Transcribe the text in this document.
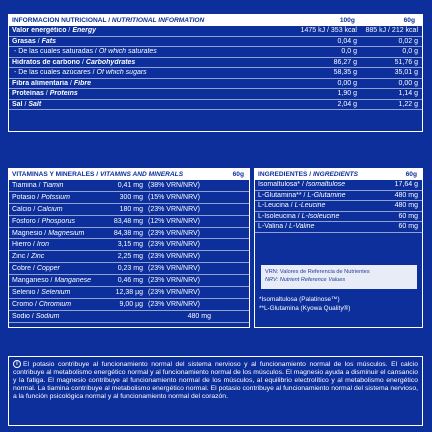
INFORMACIÓN NUTRICIONAL / NUTRITIONAL INFORMATION	100g	60g
Valor energético / Energy	1475 kJ / 353 kcal	885 kJ / 212 kcal
Grasas / Fats	0,04 g	0,02 g
- De las cuales saturadas / Of which saturates	0,0 g	0,0 g
Hidratos de carbono / Carbohydrates	86,27 g	51,76 g
- De las cuales azúcares / Of which sugars	58,35 g	35,01 g
Fibra alimentaria / Fibre	0,00 g	0,00 g
Proteínas / Proteins	1,90 g	1,14 g
Sal / Salt	2,04 g	1,22 g
VITAMINAS Y MINERALES / VITAMINS AND MINERALS	60g
Tiamina / Tiamin	0,41 mg (38% VRN/NRV)
Potasio / Potssium	300 mg (15% VRN/NRV)
Calcio / Calcium	180 mg (23% VRN/NRV)
Fósforo / Phosporus	83,48 mg (12% VRN/NRV)
Magnesio / Magnesium	84,38 mg (23% VRN/NRV)
Hierro / Iron	3,15 mg (23% VRN/NRV)
Zinc / Zinc	2,25 mg (23% VRN/NRV)
Cobre / Copper	0,23 mg (23% VRN/NRV)
Manganeso / Manganese	0,46 mg (23% VRN/NRV)
Selenio / Selenium	12,38 µg (23% VRN/NRV)
Cromo / Chromium	9,00 µg (23% VRN/NRV)
Sodio / Sodium	480 mg
INGREDIENTES / INGREDIENTS	60g
Isomaltulosa* / Isomaltulose	17,64 g
L-Glutamina** / L-Glutamine	480 mg
L-Leucina / L-Leucine	480 mg
L-Isoleucina / L-Isoleucine	60 mg
L-Valina / L-Valine	60 mg
VRN: Valores de Referencia de Nutrientes
NRV: Nutrient Reference Values
*Isomaltulosa (Palatinose™)
**L-Glutamina (Kyowa Quality®)
i El potasio contribuye al funcionamiento normal del sistema nervioso y al funcionamiento normal de los músculos. El calcio contribuye al metabolismo energético normal y al funcionamiento normal de los músculos. El magnesio ayuda a disminuir el cansancio y la fatiga. El magnesio contribuye al funcionamiento normal de los músculos, al equilibrio electrolítico y al metabolismo energético normal. La tiamina contribuye al metabolismo energético normal. El potasio contribuye al funcionamiento normal del sistema nervioso, a la función psicológica normal y al funcionamiento normal del corazón.
